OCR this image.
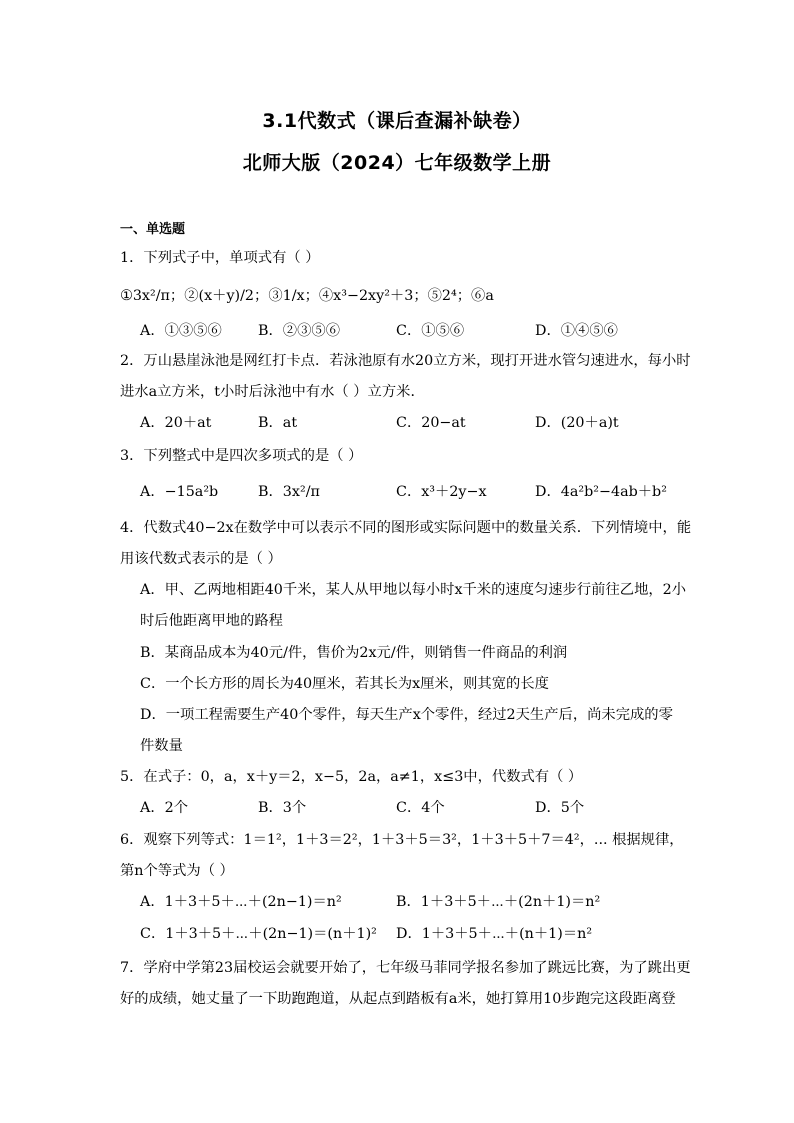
3.1代数式（课后查漏补缺卷）
北师大版（2024）七年级数学上册
一、单选题
1．下列式子中，单项式有（ ）
①3x²/π；②(x＋y)/2；③1/x；④x³−2xy²＋3；⑤2⁴；⑥a
A．①③⑤⑥	B．②③⑤⑥	C．①⑤⑥	D．①④⑤⑥
2．万山悬崖泳池是网红打卡点．若泳池原有水20立方米，现打开进水管匀速进水，每小时
进水a立方米，t小时后泳池中有水（ ）立方米．
A．20＋at	B．at	C．20−at	D．(20＋a)t
3．下列整式中是四次多项式的是（ ）
A．−15a²b	B．3x²/π	C．x³＋2y−x	D．4a²b²−4ab＋b²
4．代数式40−2x在数学中可以表示不同的图形或实际问题中的数量关系．下列情境中，能
用该代数式表示的是（ ）
A．甲、乙两地相距40千米，某人从甲地以每小时x千米的速度匀速步行前往乙地，2小
时后他距离甲地的路程
B．某商品成本为40元/件，售价为2x元/件，则销售一件商品的利润
C．一个长方形的周长为40厘米，若其长为x厘米，则其宽的长度
D．一项工程需要生产40个零件，每天生产x个零件，经过2天生产后，尚未完成的零
件数量
5．在式子：0，a，x＋y＝2，x−5，2a，a≠1，x≤3中，代数式有（ ）
A．2个	B．3个	C．4个	D．5个
6．观察下列等式：1＝1²，1＋3＝2²，1＋3＋5＝3²，1＋3＋5＋7＝4²，... 根据规律，
第n个等式为（ ）
A．1＋3＋5＋⋯＋(2n−1)＝n²	B．1＋3＋5＋⋯＋(2n＋1)＝n²
C．1＋3＋5＋⋯＋(2n−1)＝(n＋1)² D．1＋3＋5＋⋯＋(n＋1)＝n²
7．学府中学第23届校运会就要开始了，七年级马菲同学报名参加了跳远比赛，为了跳出更
好的成绩，她丈量了一下助跑跑道，从起点到踏板有a米，她打算用10步跑完这段距离登
